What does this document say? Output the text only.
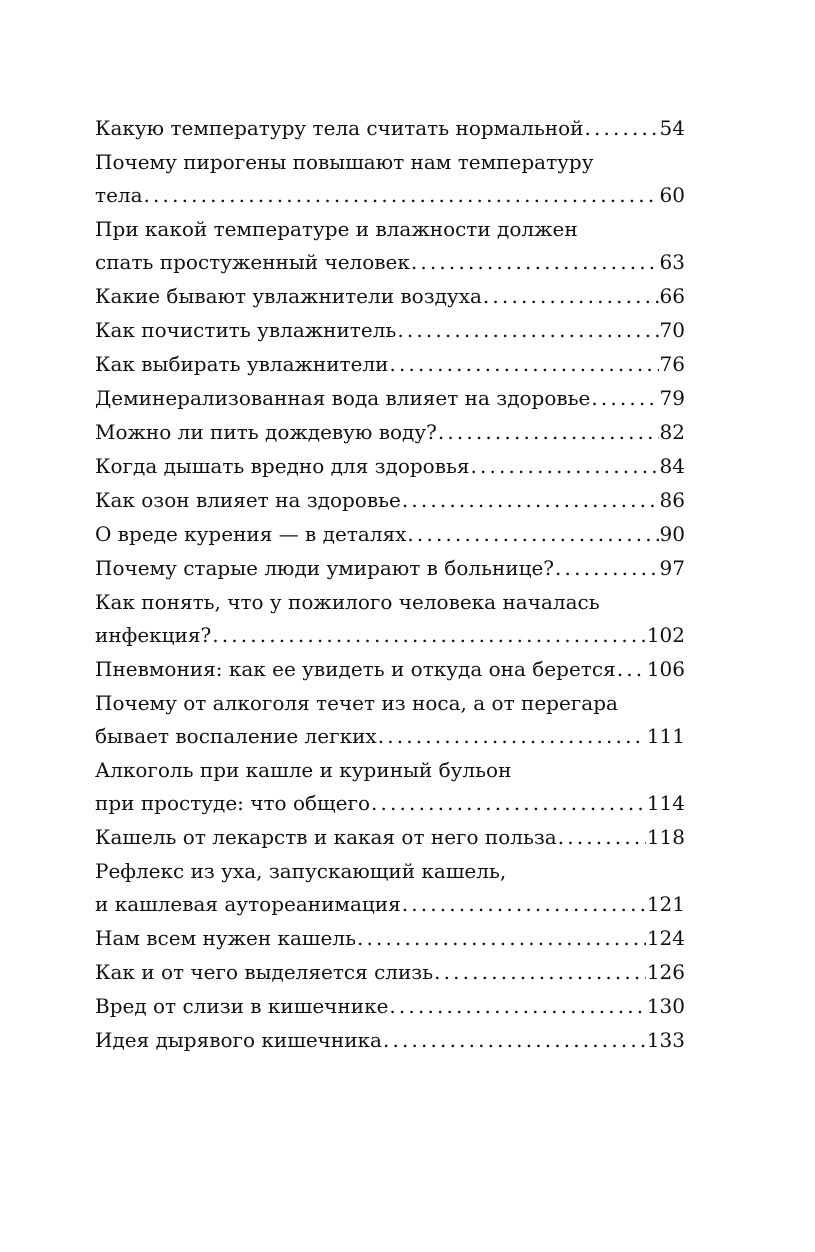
Какую температуру тела считать нормальной . . .	54
Почему пирогены повышают нам температуру
тела . . .	60
При какой температуре и влажности должен
спать простуженный человек . . .	63
Какие бывают увлажнители воздуха . . .	66
Как почистить увлажнитель . . .	70
Как выбирать увлажнители . . .	76
Деминерализованная вода влияет на здоровье . . .	79
Можно ли пить дождевую воду? . . .	82
Когда дышать вредно для здоровья . . .	84
Как озон влияет на здоровье . . .	86
О вреде курения — в деталях . . .	90
Почему старые люди умирают в больнице? . . .	97
Как понять, что у пожилого человека началась
инфекция? . . .	102
Пневмония: как ее увидеть и откуда она берется . . . 106
Почему от алкоголя течет из носа, а от перегара
бывает воспаление легких . . .	111
Алкоголь при кашле и куриный бульон
при простуде: что общего . . .	114
Кашель от лекарств и какая от него польза . . .	118
Рефлекс из уха, запускающий кашель,
и кашлевая аутореанимация . . .	121
Нам всем нужен кашель . . .	124
Как и от чего выделяется слизь . . .	126
Вред от слизи в кишечнике . . .	130
Идея дырявого кишечника . . .	133
